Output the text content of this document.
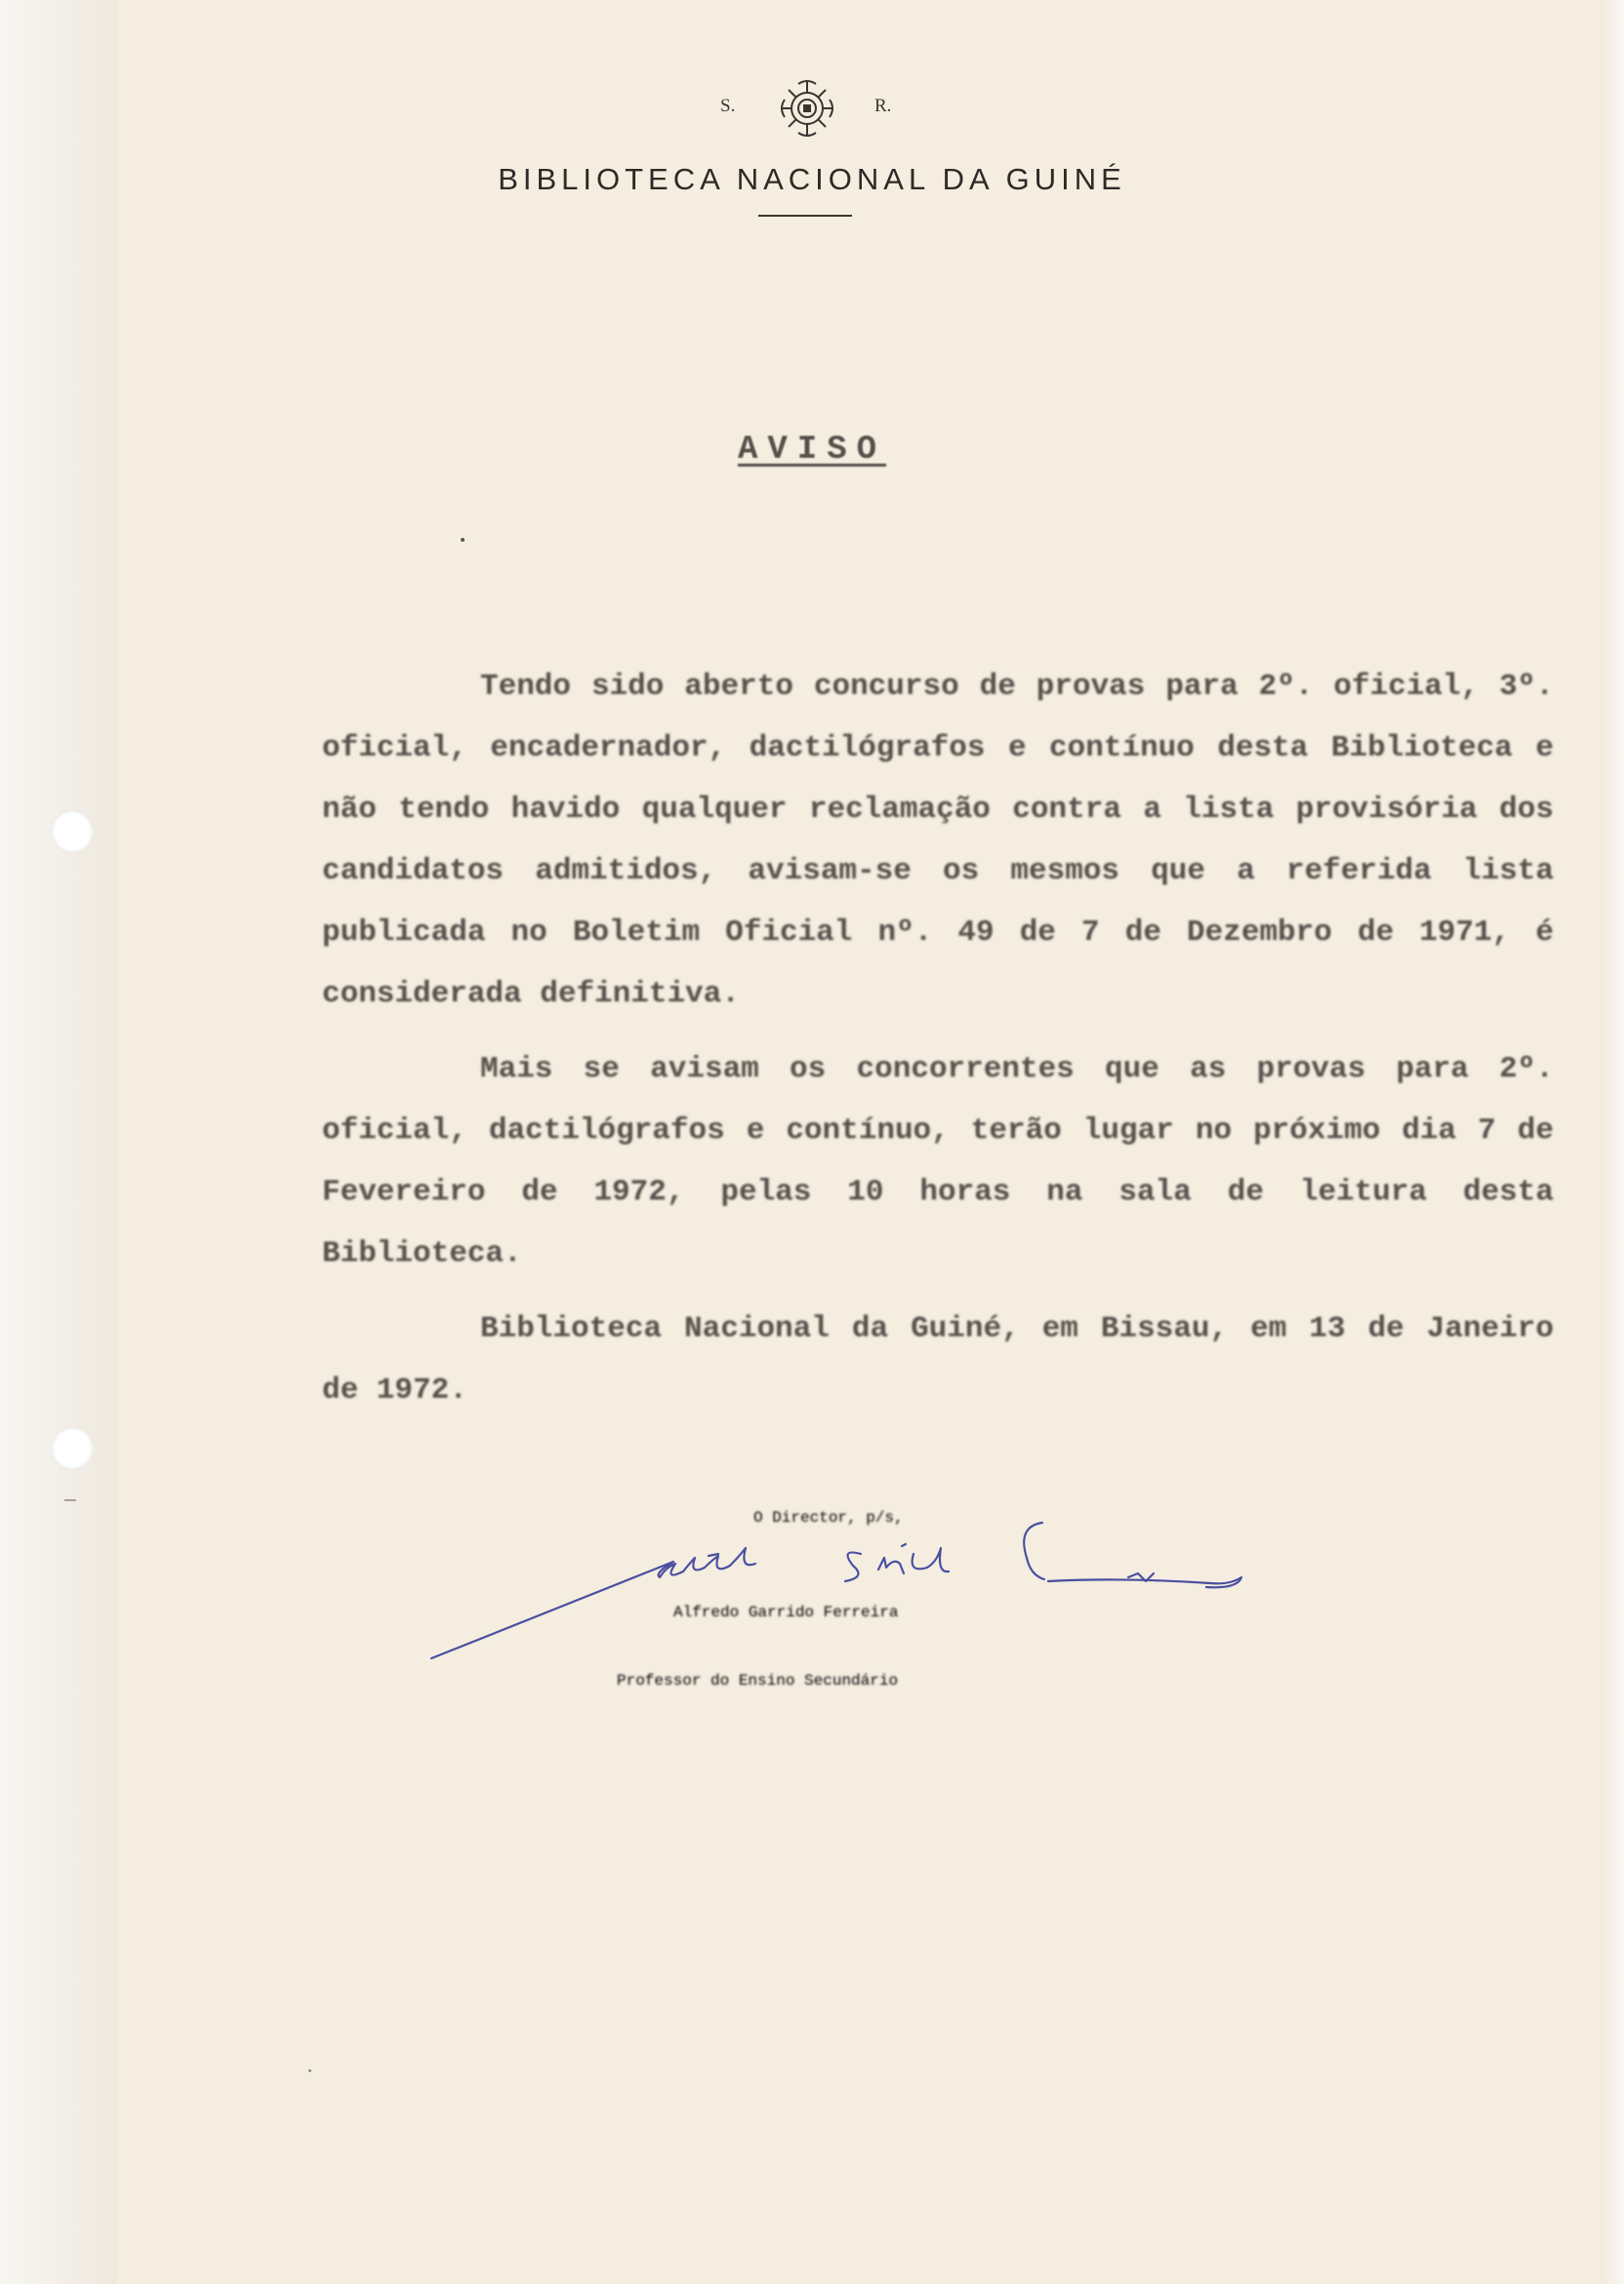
S.	R.
BIBLIOTECA NACIONAL DA GUINÉ
AVISO

Tendo sido aberto concurso de provas para 2º. oficial, 3º. oficial, encadernador, dactilógrafos e contínuo desta Biblioteca e não tendo havido qualquer reclamação contra a lista provisória dos candidatos admitidos, avisam-se os mesmos que a referida lista publicada no Boletim Oficial nº. 49 de 7 de Dezembro de 1971, é considerada definitiva.

Mais se avisam os concorrentes que as provas para 2º. oficial, dactilógrafos e contínuo, terão lugar no próximo dia 7 de Fevereiro de 1972, pelas 10 horas na sala de leitura desta Biblioteca.

Biblioteca Nacional da Guiné, em Bissau, em 13 de Janeiro de 1972.

O Director, p/s,
Alfredo Garrido Ferreira
Professor do Ensino Secundário
